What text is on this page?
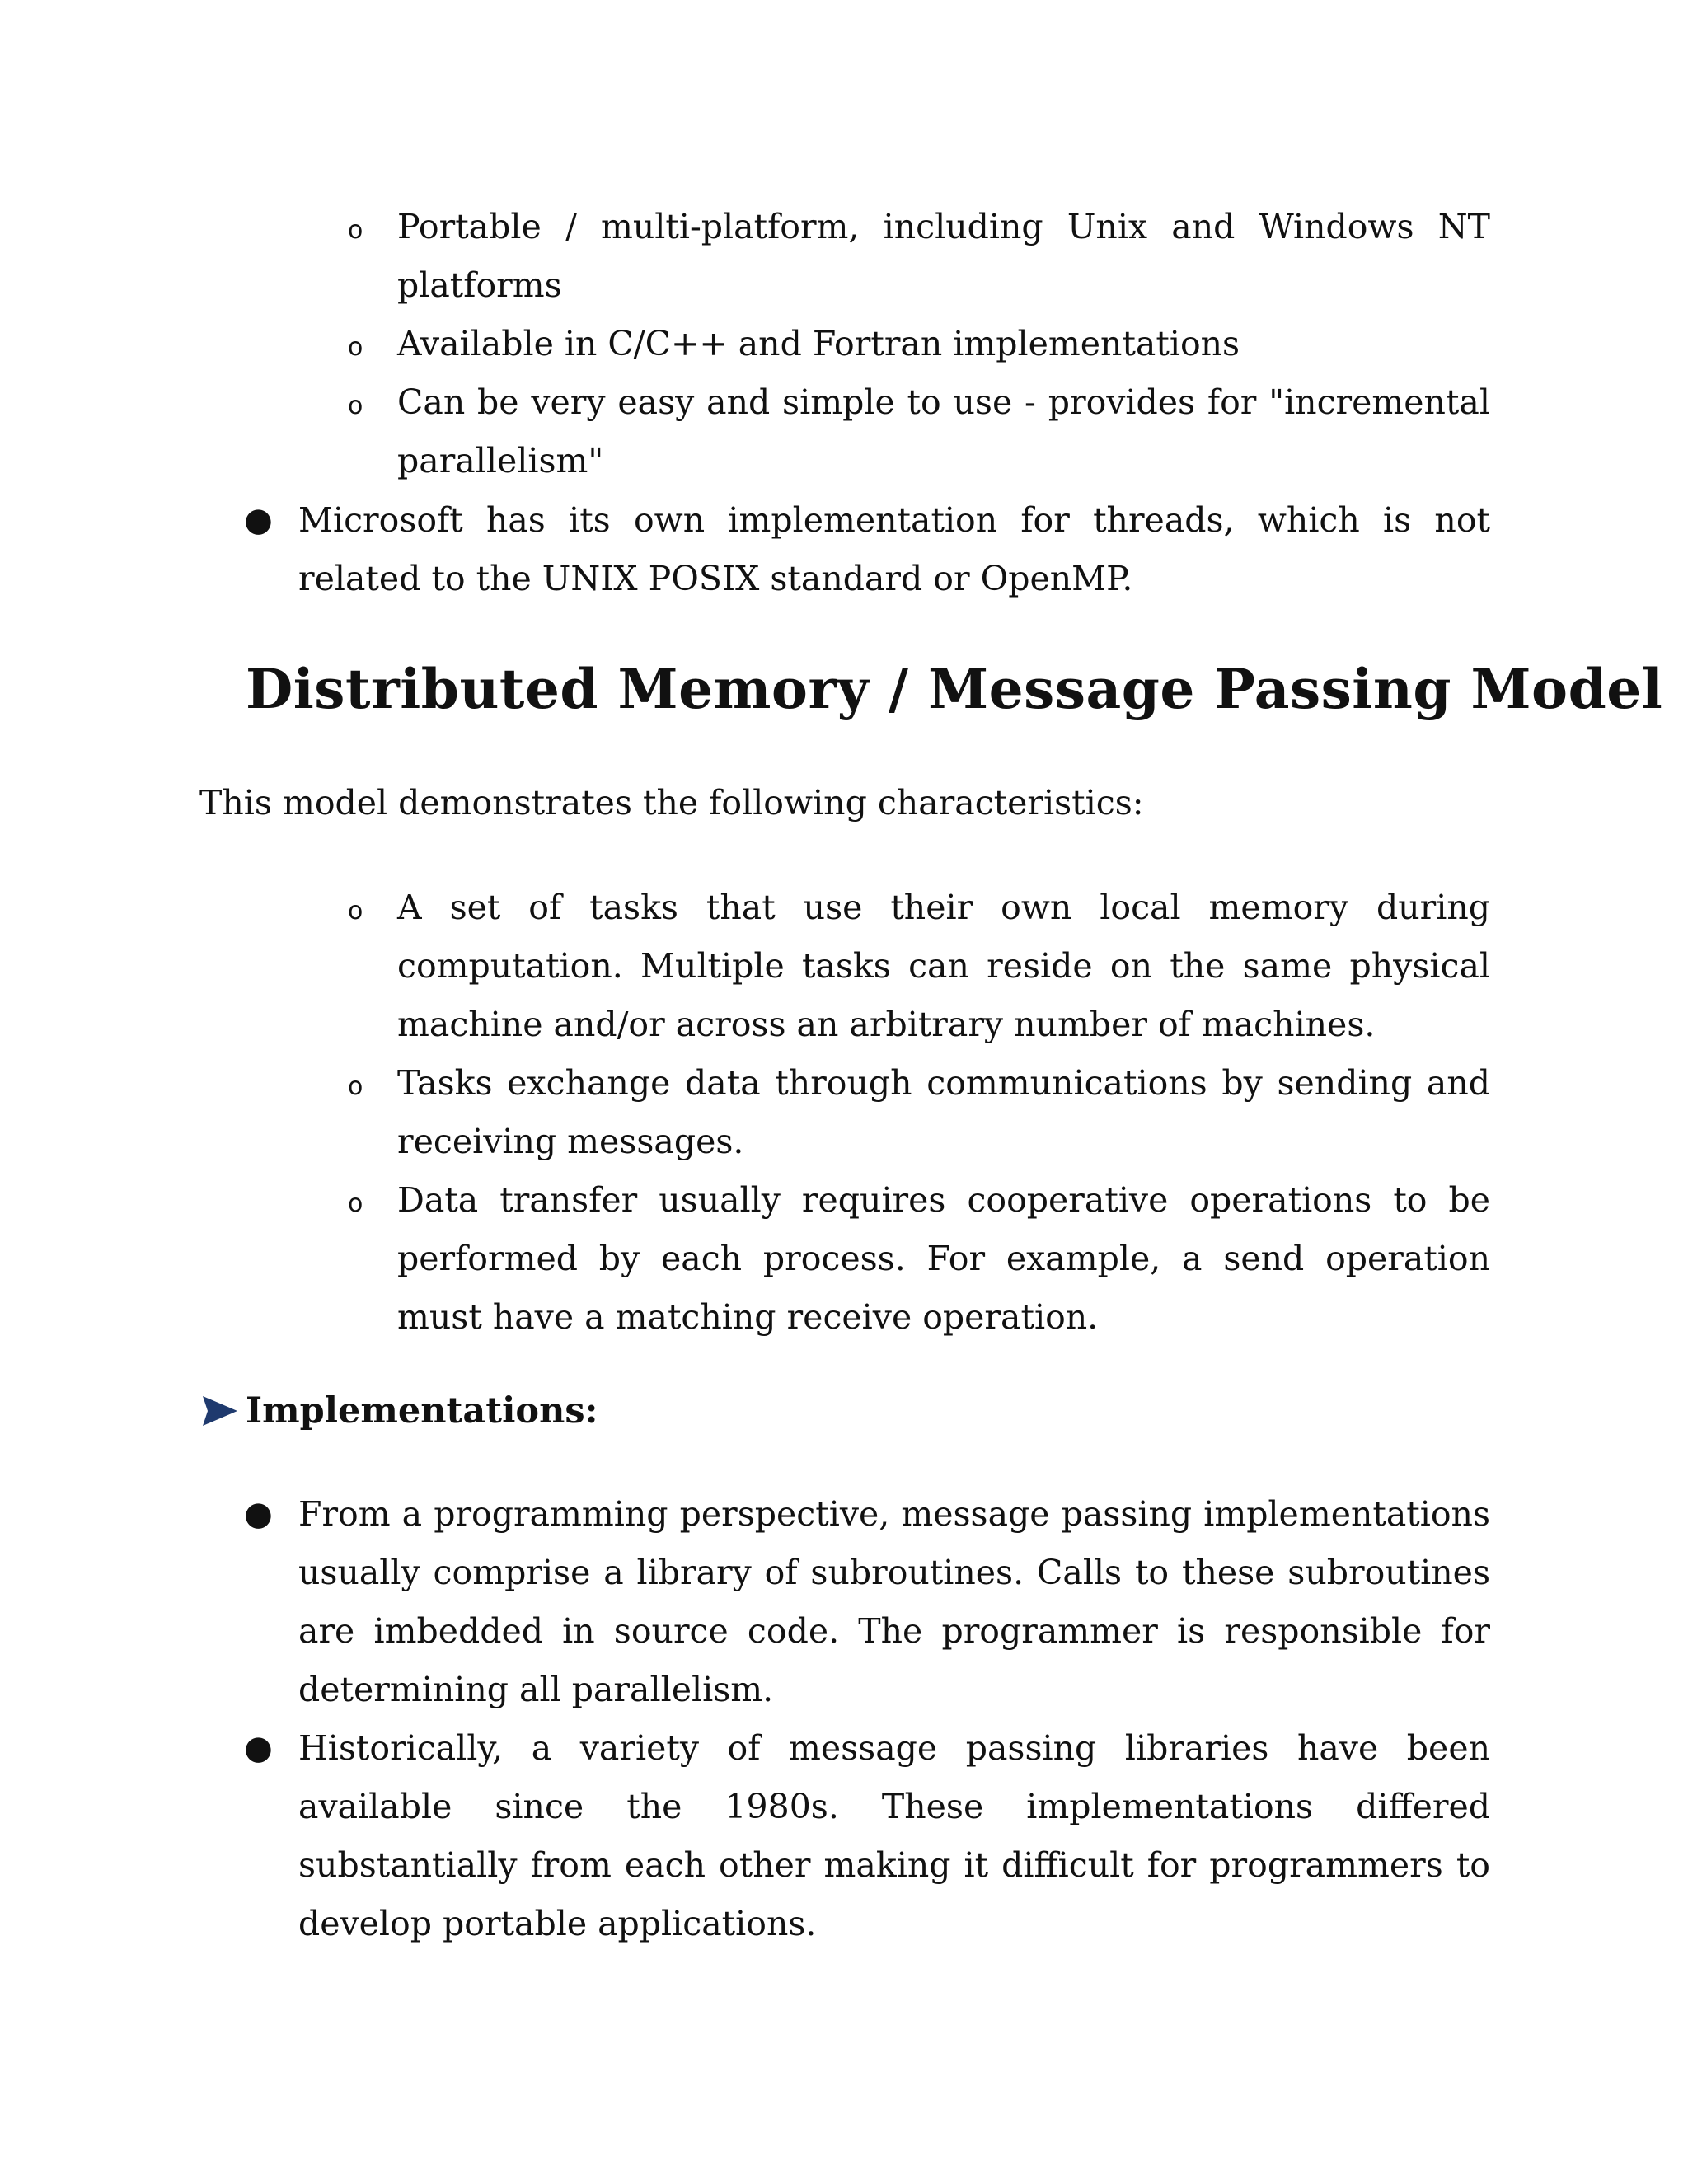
o Portable / multi-platform, including Unix and Windows NT platforms
o Available in C/C++ and Fortran implementations
o Can be very easy and simple to use - provides for "incremental parallelism"
● Microsoft has its own implementation for threads, which is not related to the UNIX POSIX standard or OpenMP.
Distributed Memory / Message Passing Model
This model demonstrates the following characteristics:
o A set of tasks that use their own local memory during computation. Multiple tasks can reside on the same physical machine and/or across an arbitrary number of machines.
o Tasks exchange data through communications by sending and receiving messages.
o Data transfer usually requires cooperative operations to be performed by each process. For example, a send operation must have a matching receive operation.
Implementations:
● From a programming perspective, message passing implementations usually comprise a library of subroutines. Calls to these subroutines are imbedded in source code. The programmer is responsible for determining all parallelism.
● Historically, a variety of message passing libraries have been available since the 1980s. These implementations differed substantially from each other making it difficult for programmers to develop portable applications.
